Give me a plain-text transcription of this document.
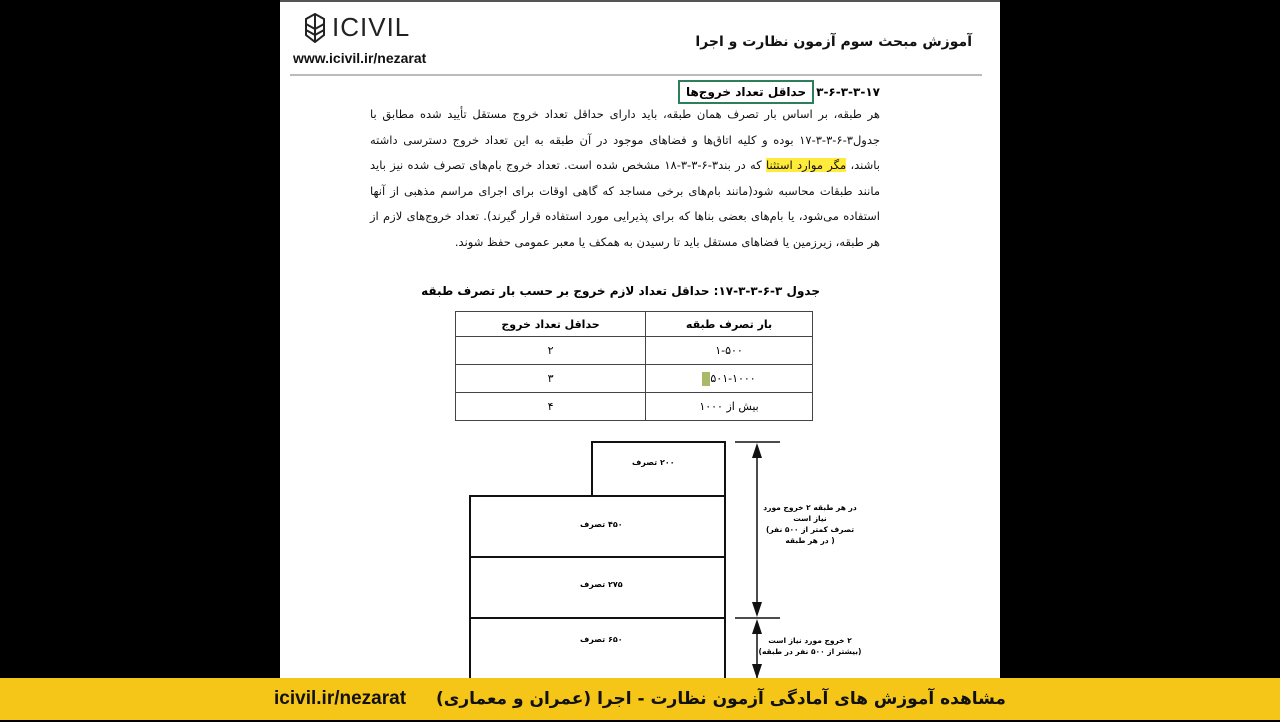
ICIVIL
www.icivil.ir/nezarat
آموزش مبحث سوم آزمون نظارت و اجرا
۳-۶-۳-۳-۱۷
حداقل تعداد خروج‌ها
هر طبقه، بر اساس بار تصرف همان طبقه، باید دارای حداقل تعداد خروج مستقل تأیید شده مطابق با جدول۳-۶-۳-۳-۱۷ بوده و کلیه اتاق‌ها و فضاهای موجود در آن طبقه به این تعداد خروج دسترسی داشته باشند، مگر موارد استثنا که در بند۳-۶-۳-۳-۱۸ مشخص شده است. تعداد خروج بام‌های تصرف شده نیز باید مانند طبقات محاسبه شود(مانند بام‌های برخی مساجد که گاهی اوقات برای اجرای مراسم مذهبی از آنها استفاده می‌شود، یا بام‌های بعضی بناها که برای پذیرایی مورد استفاده قرار گیرند). تعداد خروج‌های لازم از هر طبقه، زیرزمین یا فضاهای مستقل باید تا رسیدن به همکف یا معبر عمومی حفظ شوند.
جدول ۳-۶-۳-۳-۱۷: حداقل تعداد لازم خروج بر حسب بار تصرف طبقه
بار تصرف طبقه	حداقل تعداد خروج
۱-۵۰۰	۲
۵۰۱-۱۰۰۰	۳
بیش از ۱۰۰۰	۴
۲۰۰ تصرف
۴۵۰ تصرف
۲۷۵ تصرف
۶۵۰ تصرف
در هر طبقه ۲ خروج مورد
نیاز است
تصرف کمتر از ۵۰۰ نفر)
( در هر طبقه
۲ خروج مورد نیاز است
(بیشتر از ۵۰۰ نفر در طبقه)
icivil.ir/nezarat مشاهده آموزش های آمادگی آزمون نظارت - اجرا (عمران و معماری)
